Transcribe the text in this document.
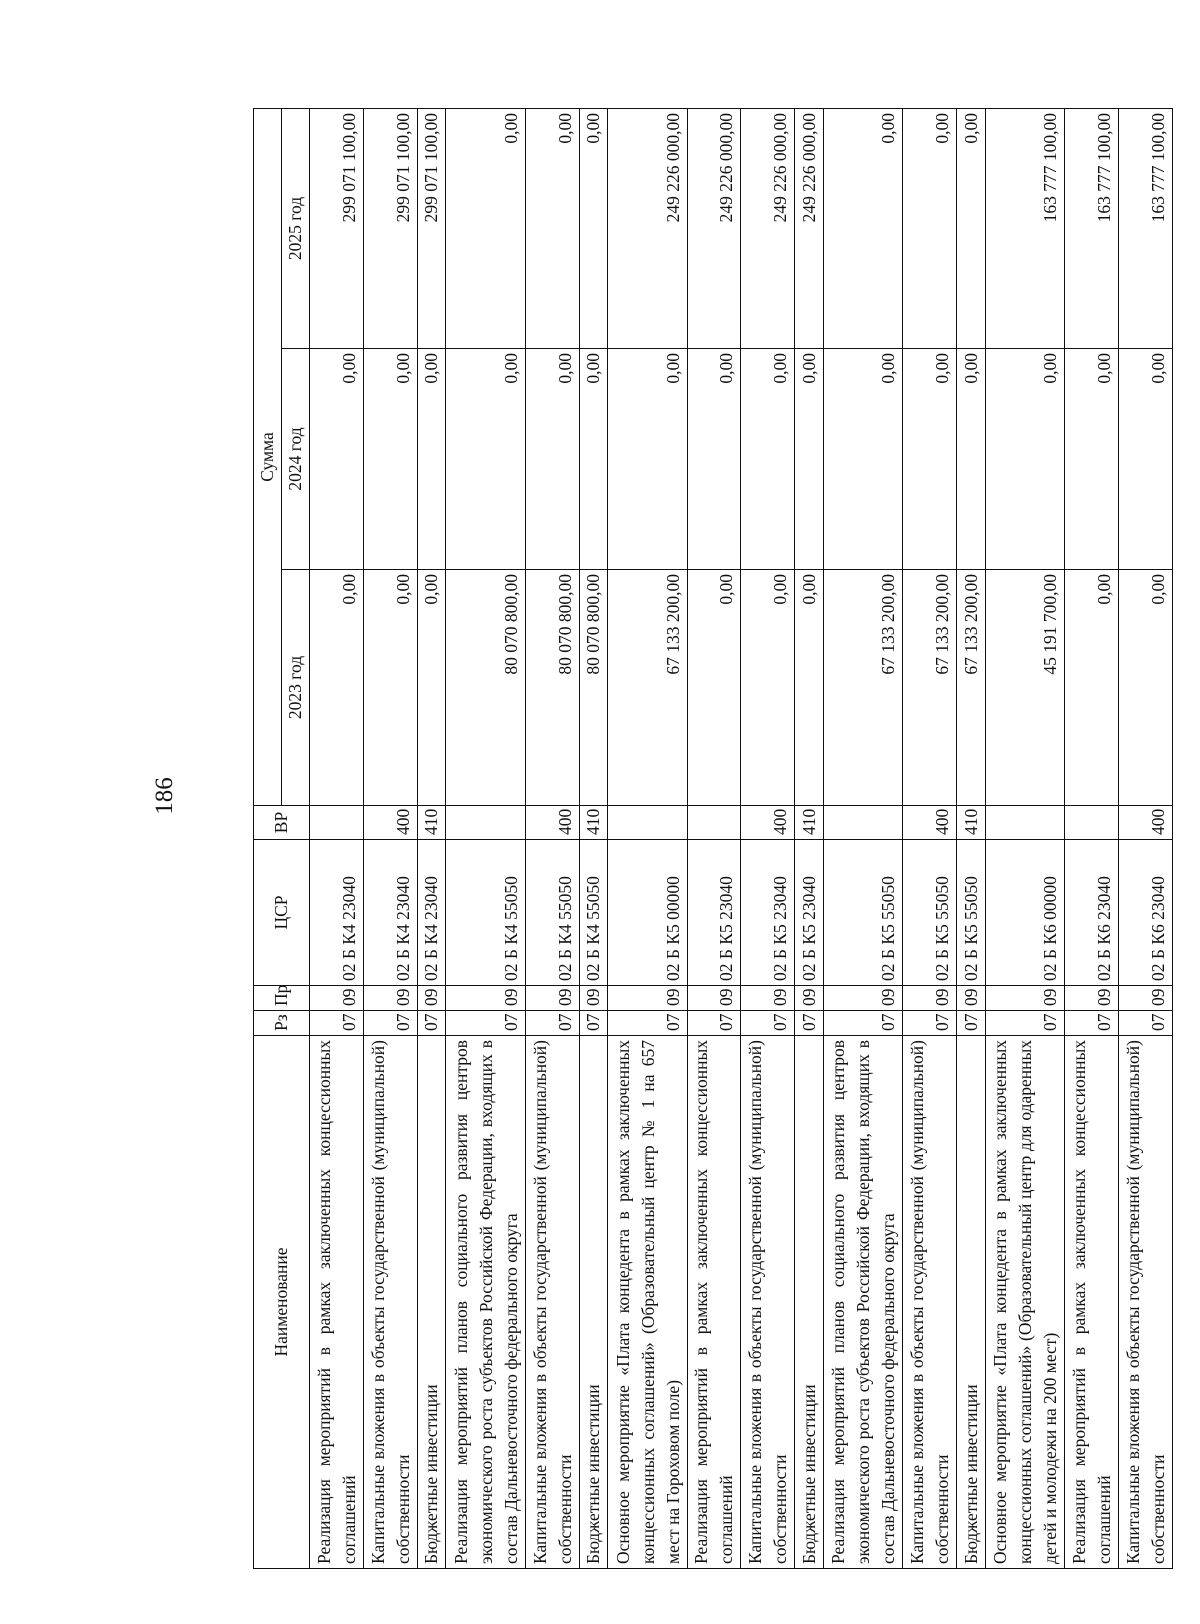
186
Наименование	Рз	Пр	ЦСР	ВР	Сумма		
					2023 год	2024 год	2025 год
Реализация мероприятий в рамках заключенных концессионных соглашений	07	09	02 Б К4 23040		0,00	0,00	299 071 100,00
Капитальные вложения в объекты государственной (муниципальной) собственности	07	09	02 Б К4 23040	400	0,00	0,00	299 071 100,00
Бюджетные инвестиции	07	09	02 Б К4 23040	410	0,00	0,00	299 071 100,00
Реализация мероприятий планов социального развития центров экономического роста субъектов Российской Федерации, входящих в состав Дальневосточного федерального округа	07	09	02 Б К4 55050		80 070 800,00	0,00	0,00
Капитальные вложения в объекты государственной (муниципальной) собственности	07	09	02 Б К4 55050	400	80 070 800,00	0,00	0,00
Бюджетные инвестиции	07	09	02 Б К4 55050	410	80 070 800,00	0,00	0,00
Основное мероприятие «Плата концедента в рамках заключенных концессионных соглашений» (Образовательный центр № 1 на 657 мест на Гороховом поле)	07	09	02 Б К5 00000		67 133 200,00	0,00	249 226 000,00
Реализация мероприятий в рамках заключенных концессионных соглашений	07	09	02 Б К5 23040		0,00	0,00	249 226 000,00
Капитальные вложения в объекты государственной (муниципальной) собственности	07	09	02 Б К5 23040	400	0,00	0,00	249 226 000,00
Бюджетные инвестиции	07	09	02 Б К5 23040	410	0,00	0,00	249 226 000,00
Реализация мероприятий планов социального развития центров экономического роста субъектов Российской Федерации, входящих в состав Дальневосточного федерального округа	07	09	02 Б К5 55050		67 133 200,00	0,00	0,00
Капитальные вложения в объекты государственной (муниципальной) собственности	07	09	02 Б К5 55050	400	67 133 200,00	0,00	0,00
Бюджетные инвестиции	07	09	02 Б К5 55050	410	67 133 200,00	0,00	0,00
Основное мероприятие «Плата концедента в рамках заключенных концессионных соглашений» (Образовательный центр для одаренных детей и молодежи на 200 мест)	07	09	02 Б К6 00000		45 191 700,00	0,00	163 777 100,00
Реализация мероприятий в рамках заключенных концессионных соглашений	07	09	02 Б К6 23040		0,00	0,00	163 777 100,00
Капитальные вложения в объекты государственной (муниципальной) собственности	07	09	02 Б К6 23040	400	0,00	0,00	163 777 100,00
